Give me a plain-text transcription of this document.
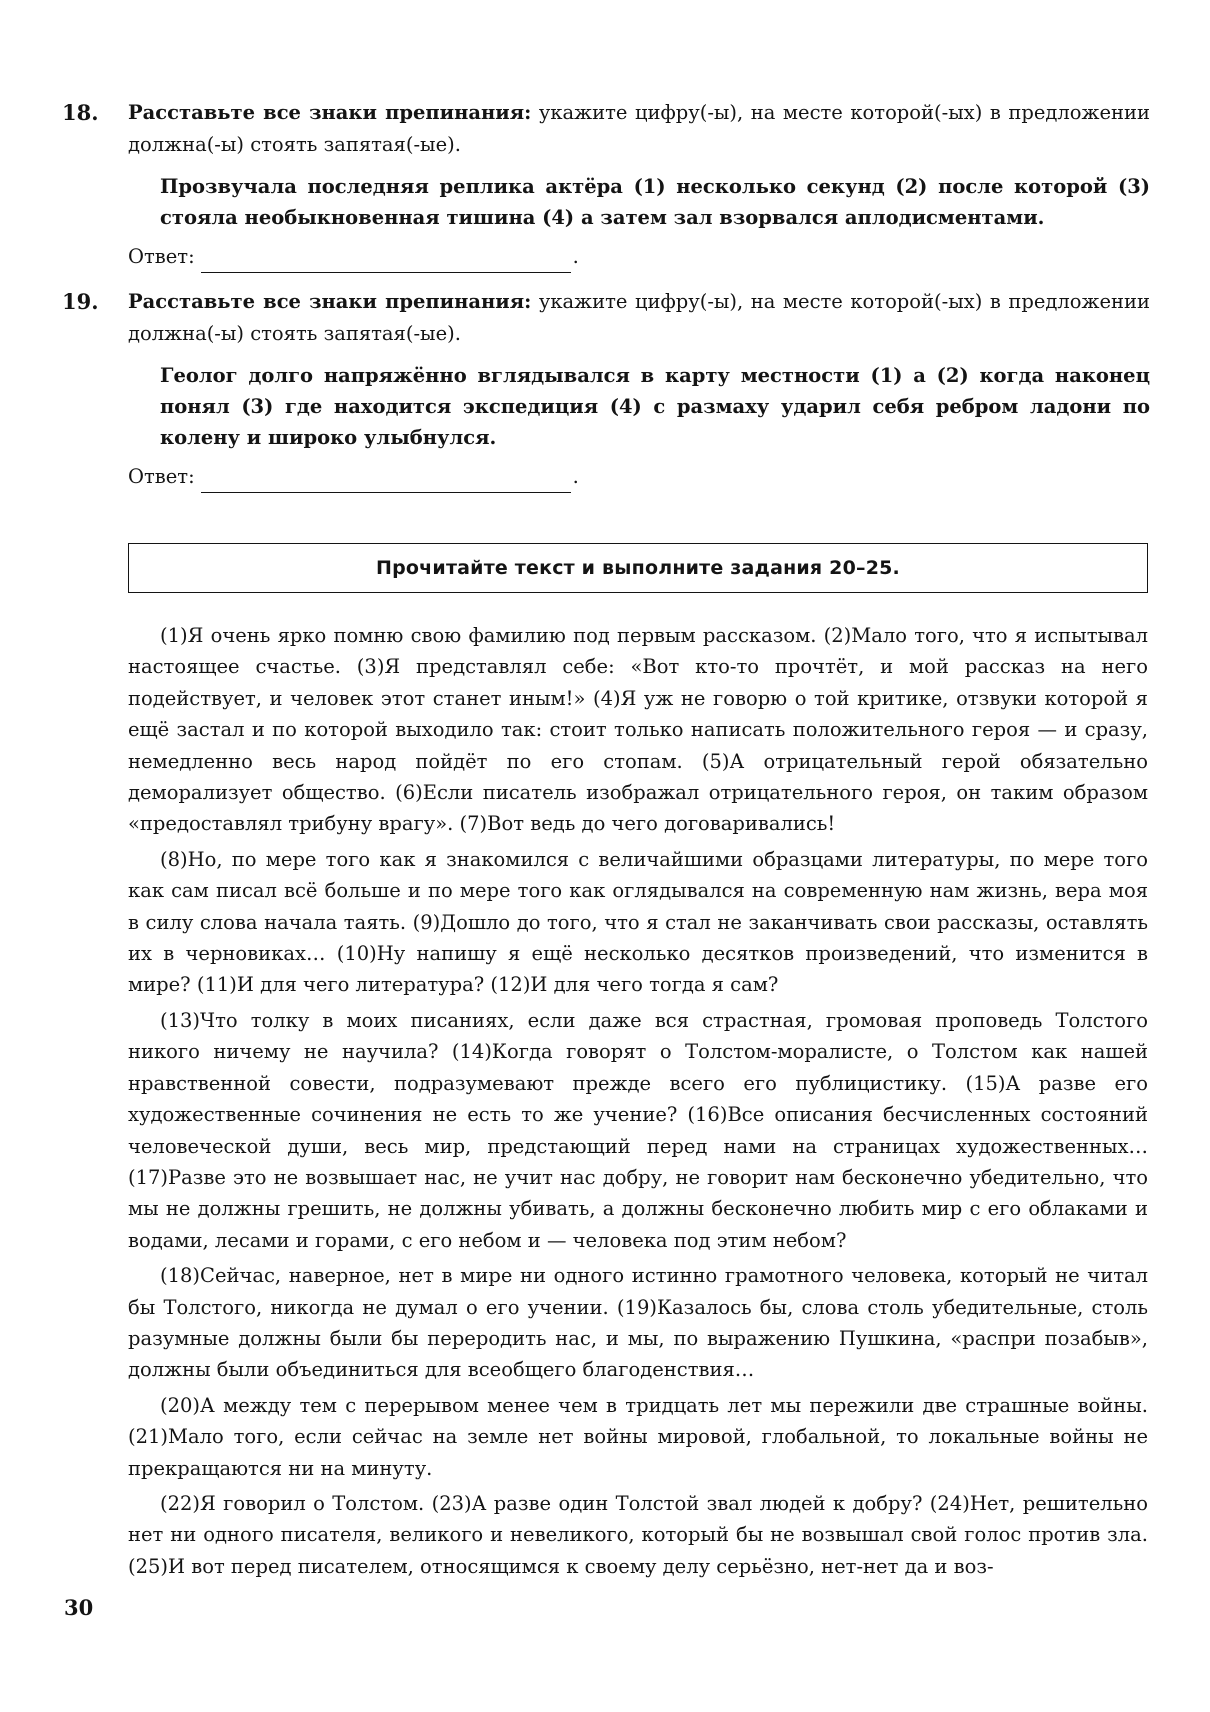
18. Расставьте все знаки препинания: укажите цифру(-ы), на месте которой(-ых) в предложении должна(-ы) стоять запятая(-ые).
Прозвучала последняя реплика актёра (1) несколько секунд (2) после которой (3) стояла необыкновенная тишина (4) а затем зал взорвался аплодисментами.
Ответ:	.
19. Расставьте все знаки препинания: укажите цифру(-ы), на месте которой(-ых) в предложении должна(-ы) стоять запятая(-ые).
Геолог долго напряжённо вглядывался в карту местности (1) а (2) когда наконец понял (3) где находится экспедиция (4) с размаху ударил себя ребром ладони по колену и широко улыбнулся.
Ответ:	.
Прочитайте текст и выполните задания 20–25.

(1)Я очень ярко помню свою фамилию под первым рассказом. (2)Мало того, что я испытывал настоящее счастье. (3)Я представлял себе: «Вот кто-то прочтёт, и мой рассказ на него подействует, и человек этот станет иным!» (4)Я уж не говорю о той критике, отзвуки которой я ещё застал и по которой выходило так: стоит только написать положительного героя — и сразу, немедленно весь народ пойдёт по его стопам. (5)А отрицательный герой обязательно деморализует общество. (6)Если писатель изображал отрицательного героя, он таким образом «предоставлял трибуну врагу». (7)Вот ведь до чего договаривались!

(8)Но, по мере того как я знакомился с величайшими образцами литературы, по мере того как сам писал всё больше и по мере того как оглядывался на современную нам жизнь, вера моя в силу слова начала таять. (9)Дошло до того, что я стал не заканчивать свои рассказы, оставлять их в черновиках… (10)Ну напишу я ещё несколько десятков произведений, что изменится в мире? (11)И для чего литература? (12)И для чего тогда я сам?

(13)Что толку в моих писаниях, если даже вся страстная, громовая проповедь Толстого никого ничему не научила? (14)Когда говорят о Толстом-моралисте, о Толстом как нашей нравственной совести, подразумевают прежде всего его публицистику. (15)А разве его художественные сочинения не есть то же учение? (16)Все описания бесчисленных состояний человеческой души, весь мир, предстающий перед нами на страницах художественных… (17)Разве это не возвышает нас, не учит нас добру, не говорит нам бесконечно убедительно, что мы не должны грешить, не должны убивать, а должны бесконечно любить мир с его облаками и водами, лесами и горами, с его небом и — человека под этим небом?

(18)Сейчас, наверное, нет в мире ни одного истинно грамотного человека, который не читал бы Толстого, никогда не думал о его учении. (19)Казалось бы, слова столь убедительные, столь разумные должны были бы переродить нас, и мы, по выражению Пушкина, «распри позабыв», должны были объединиться для всеобщего благоденствия…

(20)А между тем с перерывом менее чем в тридцать лет мы пережили две страшные войны. (21)Мало того, если сейчас на земле нет войны мировой, глобальной, то локальные войны не прекращаются ни на минуту.

(22)Я говорил о Толстом. (23)А разве один Толстой звал людей к добру? (24)Нет, решительно нет ни одного писателя, великого и невеликого, который бы не возвышал свой голос против зла. (25)И вот перед писателем, относящимся к своему делу серьёзно, нет-нет да и воз-

30
